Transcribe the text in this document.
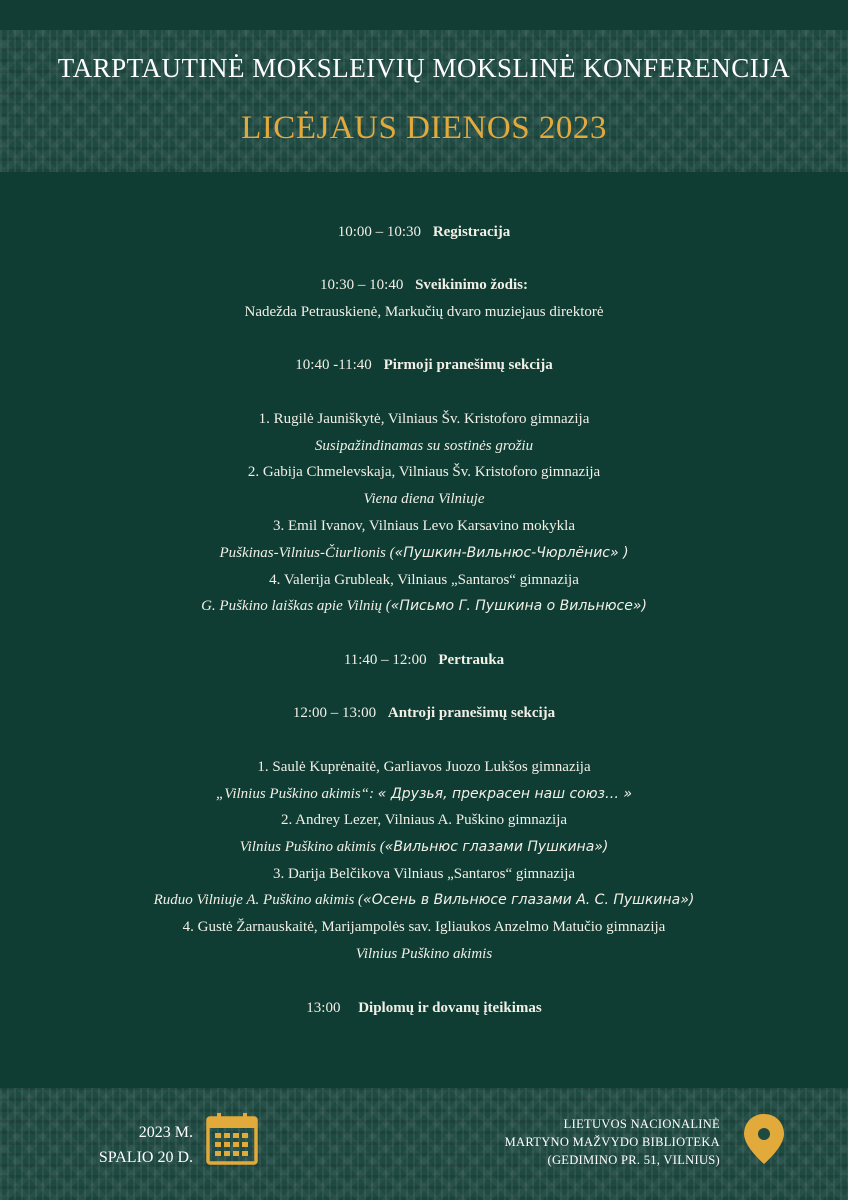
TARPTAUTINĖ MOKSLEIVIŲ MOKSLINĖ KONFERENCIJA
LICĖJAUS DIENOS 2023
10:00 – 10:30 Registracija
10:30 – 10:40 Sveikinimo žodis:
Nadežda Petrauskienė, Markučių dvaro muziejaus direktorė
10:40 -11:40 Pirmoji pranešimų sekcija
1. Rugilė Jauniškytė, Vilniaus Šv. Kristoforo gimnazija
Susipažindinamas su sostinės grožiu
2. Gabija Chmelevskaja, Vilniaus Šv. Kristoforo gimnazija
Viena diena Vilniuje
3. Emil Ivanov, Vilniaus Levo Karsavino mokykla
Puškinas-Vilnius-Čiurlionis («Пушкин-Вильнюс-Чюрлёнис» )
4. Valerija Grubleak, Vilniaus „Santaros“ gimnazija
G. Puškino laiškas apie Vilnių («Письмо Г. Пушкина о Вильнюсе»)
11:40 – 12:00 Pertrauka
12:00 – 13:00 Antroji pranešimų sekcija
1. Saulė Kuprėnaitė, Garliavos Juozo Lukšos gimnazija
„Vilnius Puškino akimis“: « Друзья, прекрасен наш союз… »
2. Andrey Lezer, Vilniaus A. Puškino gimnazija
Vilnius Puškino akimis («Вильнюс глазами Пушкина»)
3. Darija Belčikova Vilniaus „Santaros“ gimnazija
Ruduo Vilniuje A. Puškino akimis («Осень в Вильнюсе глазами А. С. Пушкина»)
4. Gustė Žarnauskaitė, Marijampolės sav. Igliaukos Anzelmo Matučio gimnazija
Vilnius Puškino akimis
13:00 Diplomų ir dovanų įteikimas
2023 M.
SPALIO 20 D.
LIETUVOS NACIONALINĖ
MARTYNO MAŽVYDO BIBLIOTEKA
(GEDIMINO PR. 51, VILNIUS)
